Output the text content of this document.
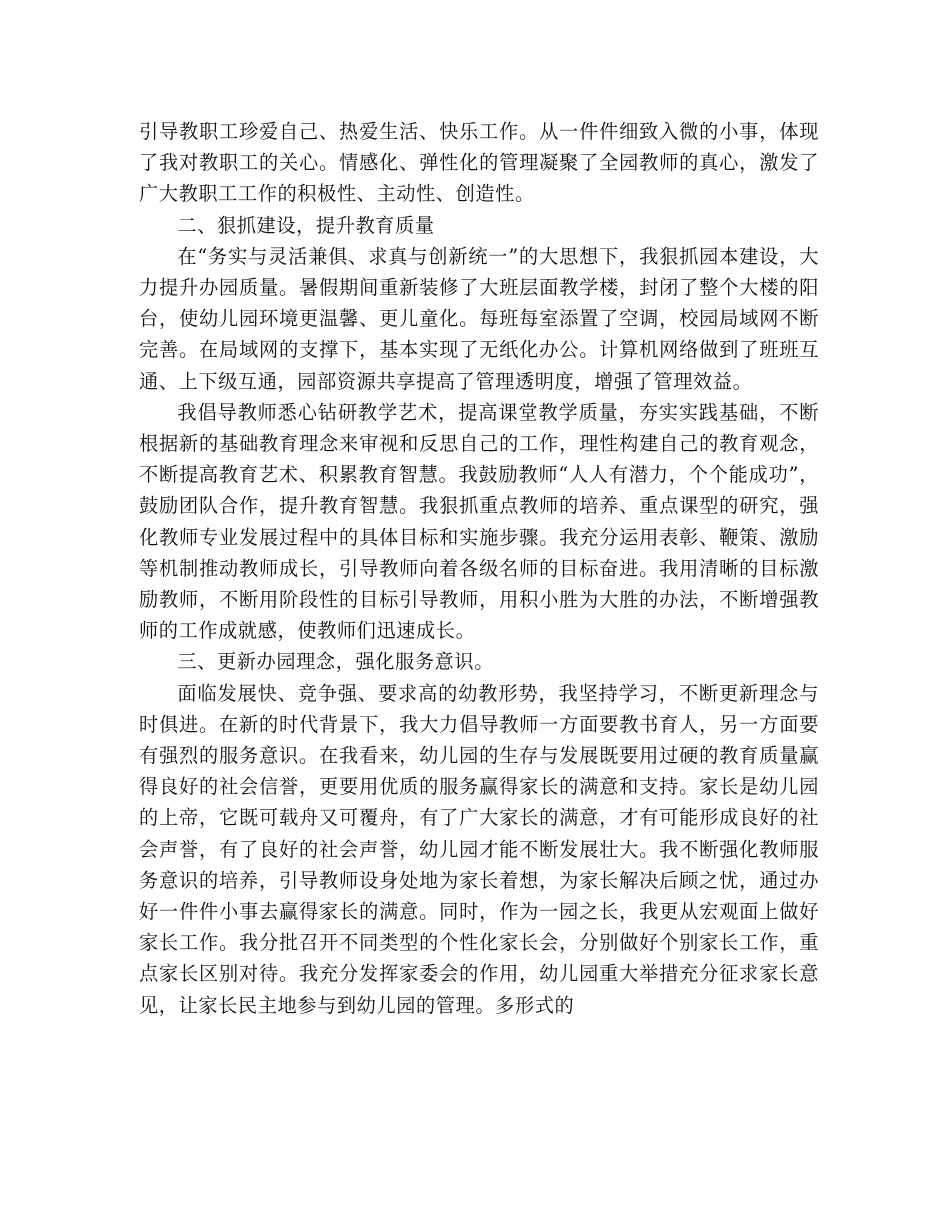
引导教职工珍爱自己、热爱生活、快乐工作。从一件件细致入微的小事，体现了我对教职工的关心。情感化、弹性化的管理凝聚了全园教师的真心，激发了广大教职工工作的积极性、主动性、创造性。

二、狠抓建设，提升教育质量

在“务实与灵活兼俱、求真与创新统一”的大思想下，我狠抓园本建设，大力提升办园质量。暑假期间重新装修了大班层面教学楼，封闭了整个大楼的阳台，使幼儿园环境更温馨、更儿童化。每班每室添置了空调，校园局域网不断完善。在局域网的支撑下，基本实现了无纸化办公。计算机网络做到了班班互通、上下级互通，园部资源共享提高了管理透明度，增强了管理效益。

我倡导教师悉心钻研教学艺术，提高课堂教学质量，夯实实践基础，不断根据新的基础教育理念来审视和反思自己的工作，理性构建自己的教育观念，不断提高教育艺术、积累教育智慧。我鼓励教师“人人有潜力，个个能成功”，鼓励团队合作，提升教育智慧。我狠抓重点教师的培养、重点课型的研究，强化教师专业发展过程中的具体目标和实施步骤。我充分运用表彰、鞭策、激励等机制推动教师成长，引导教师向着各级名师的目标奋进。我用清晰的目标激励教师，不断用阶段性的目标引导教师，用积小胜为大胜的办法，不断增强教师的工作成就感，使教师们迅速成长。

三、更新办园理念，强化服务意识。

面临发展快、竞争强、要求高的幼教形势，我坚持学习，不断更新理念与时俱进。在新的时代背景下，我大力倡导教师一方面要教书育人，另一方面要有强烈的服务意识。在我看来，幼儿园的生存与发展既要用过硬的教育质量赢得良好的社会信誉，更要用优质的服务赢得家长的满意和支持。家长是幼儿园的上帝，它既可载舟又可覆舟，有了广大家长的满意，才有可能形成良好的社会声誉，有了良好的社会声誉，幼儿园才能不断发展壮大。我不断强化教师服务意识的培养，引导教师设身处地为家长着想，为家长解决后顾之忧，通过办好一件件小事去赢得家长的满意。同时，作为一园之长，我更从宏观面上做好家长工作。我分批召开不同类型的个性化家长会，分别做好个别家长工作，重点家长区别对待。我充分发挥家委会的作用，幼儿园重大举措充分征求家长意见，让家长民主地参与到幼儿园的管理。多形式的
